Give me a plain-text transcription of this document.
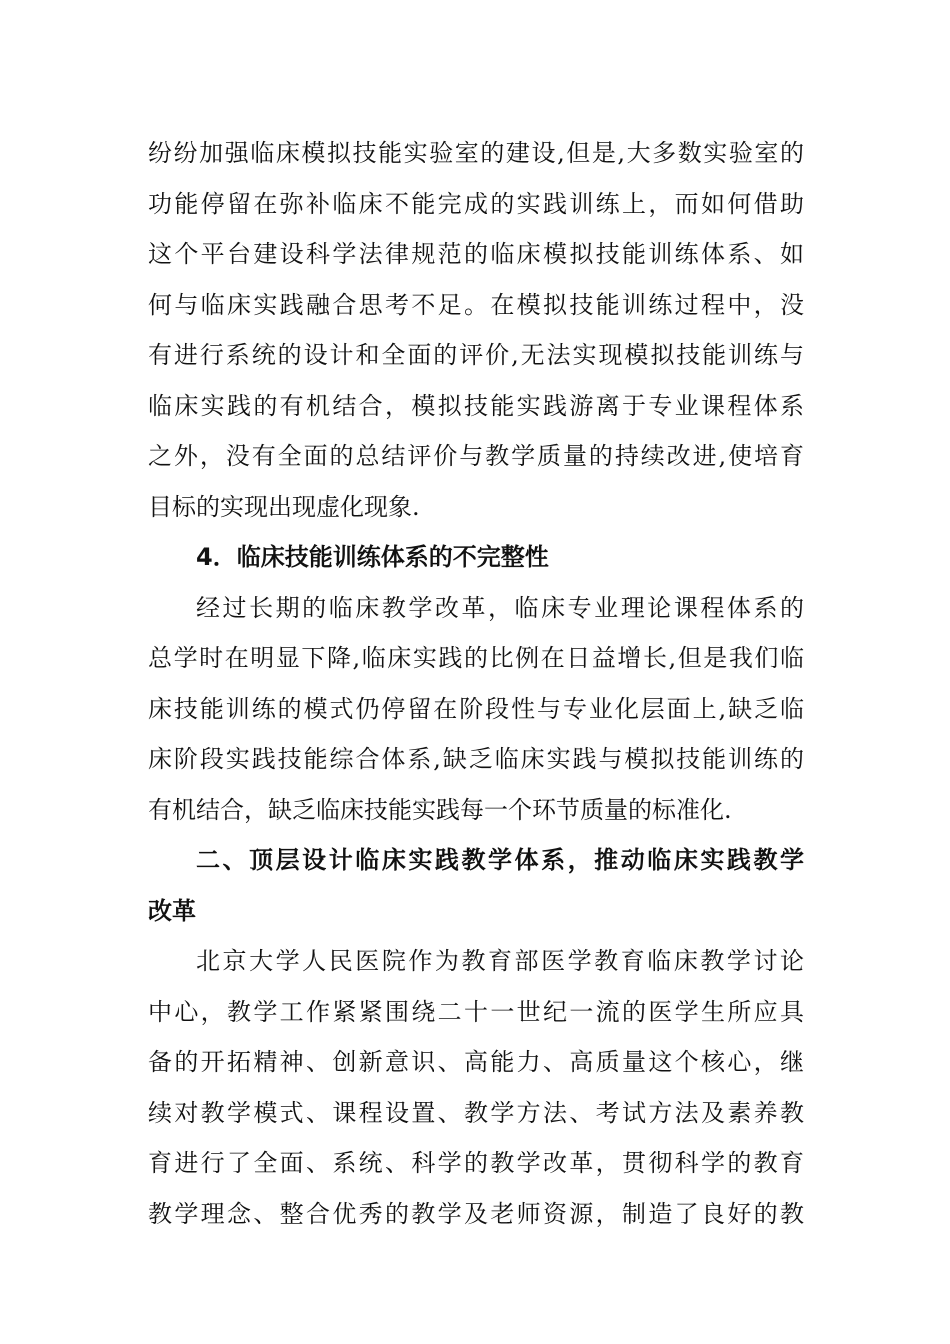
纷纷加强临床模拟技能实验室的建设,但是,大多数实验室的
功能停留在弥补临床不能完成的实践训练上，而如何借助
这个平台建设科学法律规范的临床模拟技能训练体系、如
何与临床实践融合思考不足。在模拟技能训练过程中，没
有进行系统的设计和全面的评价,无法实现模拟技能训练与
临床实践的有机结合，模拟技能实践游离于专业课程体系
之外，没有全面的总结评价与教学质量的持续改进,使培育
目标的实现出现虚化现象.
4．临床技能训练体系的不完整性
经过长期的临床教学改革，临床专业理论课程体系的
总学时在明显下降,临床实践的比例在日益增长,但是我们临
床技能训练的模式仍停留在阶段性与专业化层面上,缺乏临
床阶段实践技能综合体系,缺乏临床实践与模拟技能训练的
有机结合，缺乏临床技能实践每一个环节质量的标准化.
二、顶层设计临床实践教学体系，推动临床实践教学
改革
北京大学人民医院作为教育部医学教育临床教学讨论
中心，教学工作紧紧围绕二十一世纪一流的医学生所应具
备的开拓精神、创新意识、高能力、高质量这个核心，继
续对教学模式、课程设置、教学方法、考试方法及素养教
育进行了全面、系统、科学的教学改革，贯彻科学的教育
教学理念、整合优秀的教学及老师资源，制造了良好的教
